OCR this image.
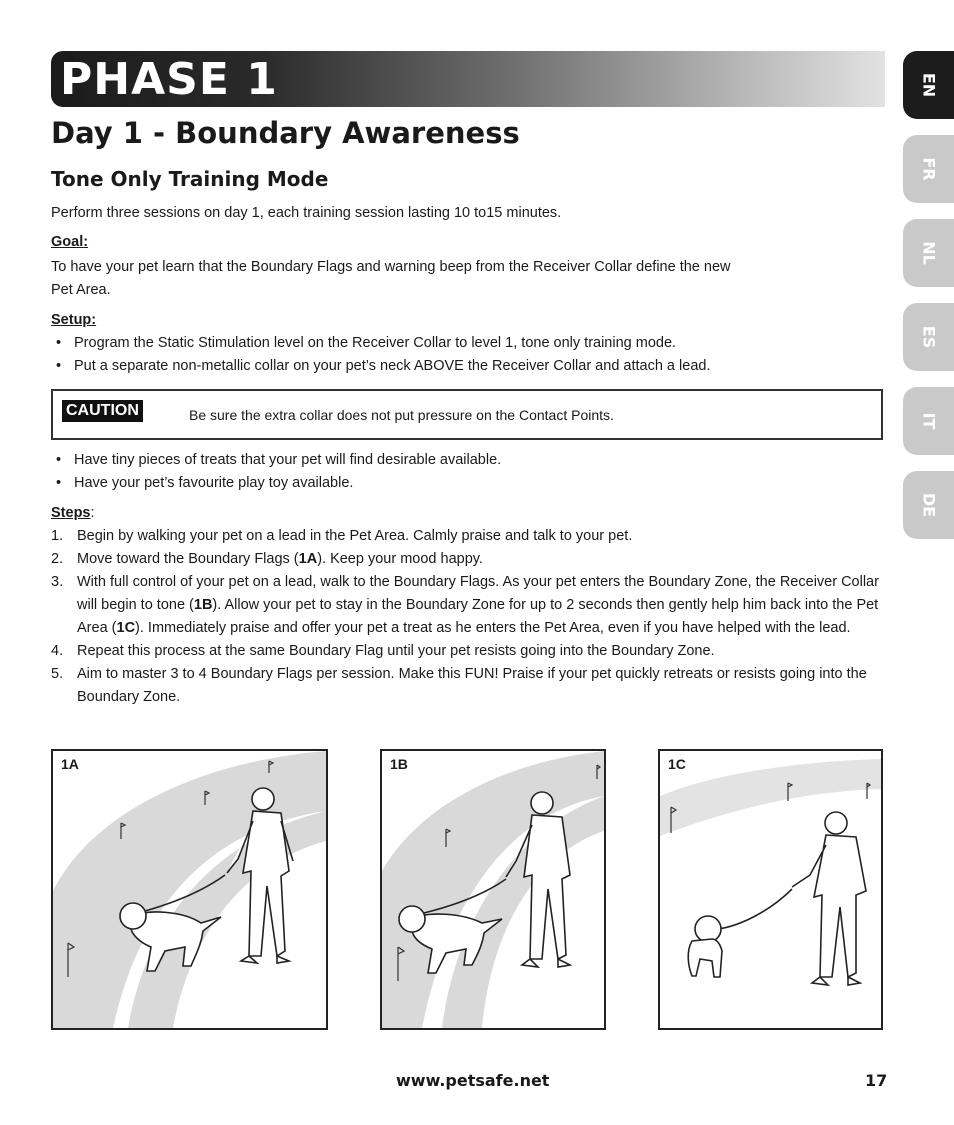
PHASE 1	EN
FR
NL
ES
IT
DE
Day 1 - Boundary Awareness
Tone Only Training Mode

Perform three sessions on day 1, each training session lasting 10 to15 minutes.

Goal:

To have your pet learn that the Boundary Flags and warning beep from the Receiver Collar define the new
Pet Area.

Setup:
• Program the Static Stimulation level on the Receiver Collar to level 1, tone only training mode.
• Put a separate non-metallic collar on your pet’s neck ABOVE the Receiver Collar and attach a lead.
CAUTION	Be sure the extra collar does not put pressure on the Contact Points.
• Have tiny pieces of treats that your pet will find desirable available.
• Have your pet’s favourite play toy available.
Steps:
1. Begin by walking your pet on a lead in the Pet Area. Calmly praise and talk to your pet.
2. Move toward the Boundary Flags (1A). Keep your mood happy.
3. With full control of your pet on a lead, walk to the Boundary Flags. As your pet enters the Boundary Zone, the Receiver Collar will begin to tone (1B). Allow your pet to stay in the Boundary Zone for up to 2 seconds then gently help him back into the Pet Area (1C). Immediately praise and offer your pet a treat as he enters the Pet Area, even if you have helped with the lead.
4. Repeat this process at the same Boundary Flag until your pet resists going into the Boundary Zone.
5. Aim to master 3 to 4 Boundary Flags per session. Make this FUN! Praise if your pet quickly retreats or resists going into the Boundary Zone.
1A	1B	1C
www.petsafe.net	17
